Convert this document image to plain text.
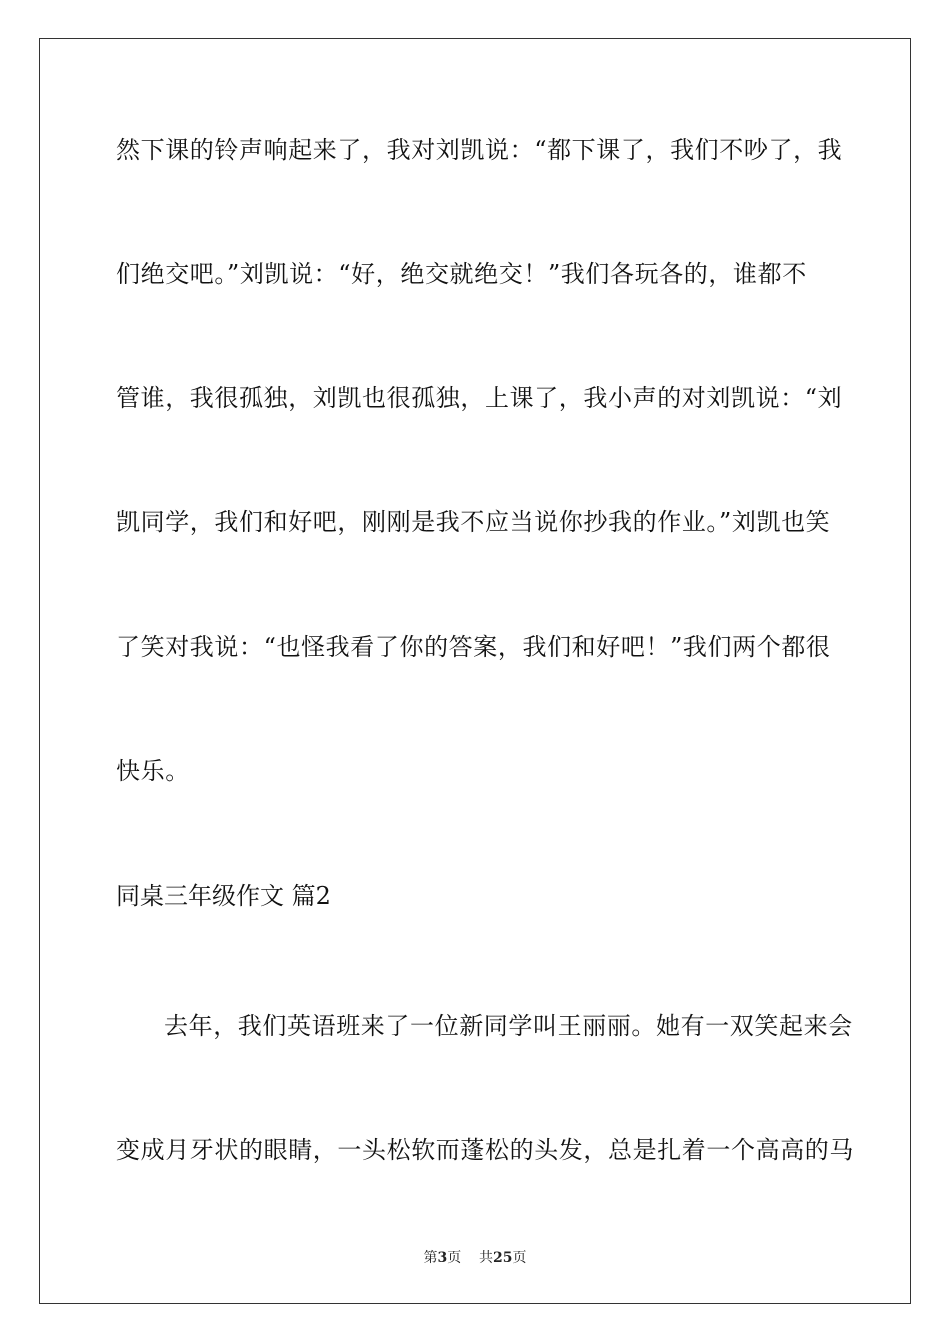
然下课的铃声响起来了，我对刘凯说：“都下课了，我们不吵了，我
们绝交吧。”刘凯说：“好，绝交就绝交！”我们各玩各的，谁都不
管谁，我很孤独，刘凯也很孤独，上课了，我小声的对刘凯说：“刘
凯同学，我们和好吧，刚刚是我不应当说你抄我的作业。”刘凯也笑
了笑对我说：“也怪我看了你的答案，我们和好吧！”我们两个都很
快乐。
同桌三年级作文 篇2
去年，我们英语班来了一位新同学叫王丽丽。她有一双笑起来会
变成月牙状的眼睛，一头松软而蓬松的头发，总是扎着一个高高的马
第3页 共25页
